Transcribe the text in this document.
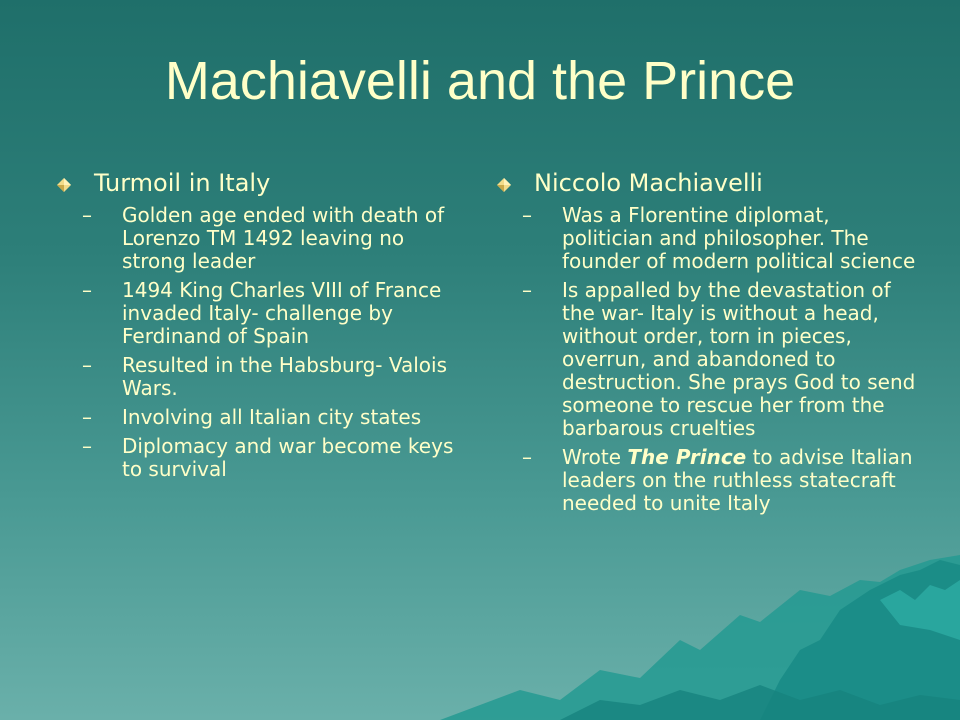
Machiavelli and the Prince
Turmoil in Italy
–	Golden age ended with death of Lorenzo TM 1492 leaving no strong leader
–	1494 King Charles VIII of France invaded Italy- challenge by Ferdinand of Spain
–	Resulted in the Habsburg- Valois Wars.
–	Involving all Italian city states
–	Diplomacy and war become keys to survival
Niccolo Machiavelli
–	Was a Florentine diplomat, politician and philosopher. The founder of modern political science
–	Is appalled by the devastation of the war- Italy is without a head, without order, torn in pieces, overrun, and abandoned to destruction. She prays God to send someone to rescue her from the barbarous cruelties
–	Wrote The Prince to advise Italian leaders on the ruthless statecraft needed to unite Italy
